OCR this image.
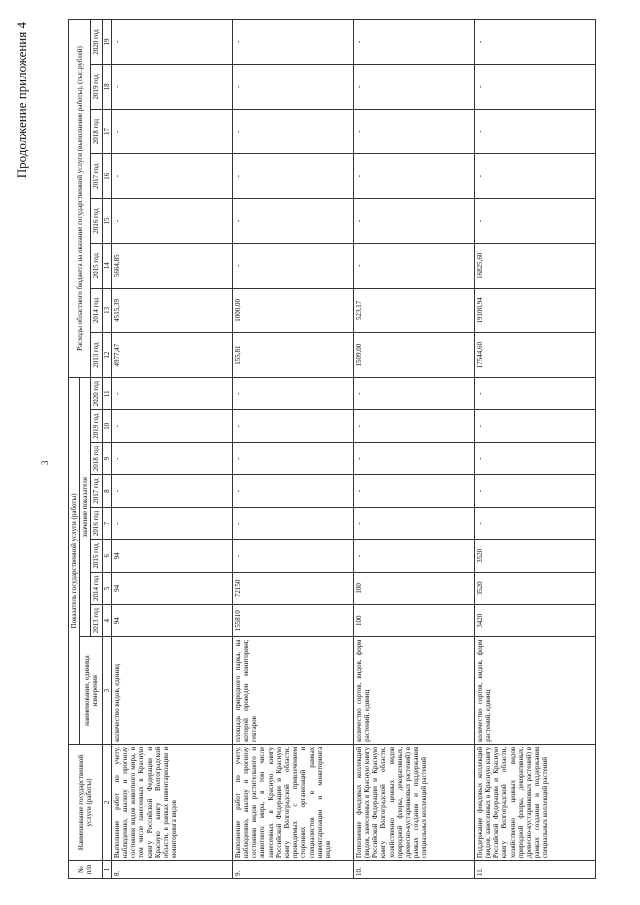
Продолжение приложения 4
3
№ п/п	Наименование государственной услуги (работы)	Показатель государственной услуги (работы)									Расходы областного бюджета на оказание государственной услуги (выполнение работы), (тыс.рублей)							
		наименование, единица измерения	значение показателя															
			2013 год	2014 год	2015 год	2016 год	2017 год	2018 год	2019 год	2020 год	2013 год	2014 год	2015 год	2016 год	2017 год	2018 год	2019 год	2020 год
1	2	3	4	5	6	7	8	9	10	11	12	13	14	15	16	17	18	19
8.	Выполнение работ по учету, наблюдению, анализу и прогнозу состояния видов животного мира, в том числе занесенных в Красную книгу Российской Федерации и Красную книгу Волгоградской области, в рамках инвентаризации и мониторинга видов	количество видов, единиц	94	94	94	-	-	-	-	-	4977,47	4515,39	5664,85	-	-	-	-	-
9.	Выполнение работ по учету, наблюдению, анализу и прогнозу состояния видов растительного и животного мира, в том числе занесенных в Красную книгу Российской Федерации и Красную книгу Волгоградской области, проводимых с привлечением сторонних организаций и специалистов в рамках инвентаризации и мониторинга видов	площадь природного парка, на которой проведен мониторинг, гектаров	155810	72150	-	-	-	-	-	-	155,81	1000,00	-	-	-	-	-	-
10.	Пополнение фондовых коллекций (видов, занесенных в Красную книгу Российской Федерации и Красную книгу Волгоградской области, хозяйственно ценных видов природной флоры, декоративных, древесно-кустарниковых растений) в рамках создания и поддержания специальных коллекций растений	количество сортов, видов, форм растений, единиц	100	100	-	-	-	-	-	-	1509,00	523,17	-	-	-	-	-	-
11.	Поддержание фондовых коллекций (видов, занесенных в Красную книгу Российской Федерации и Красную книгу Волгоградской области, хозяйственно ценных видов природной флоры, декоративных, древесно-кустарниковых растений) в рамках создания и поддержания специальных коллекций растений	количество сортов, видов, форм растений, единиц	3420	3520	3520	-	-	-	-	-	17544,60	19100,94	16825,60	-	-	-	-	-
